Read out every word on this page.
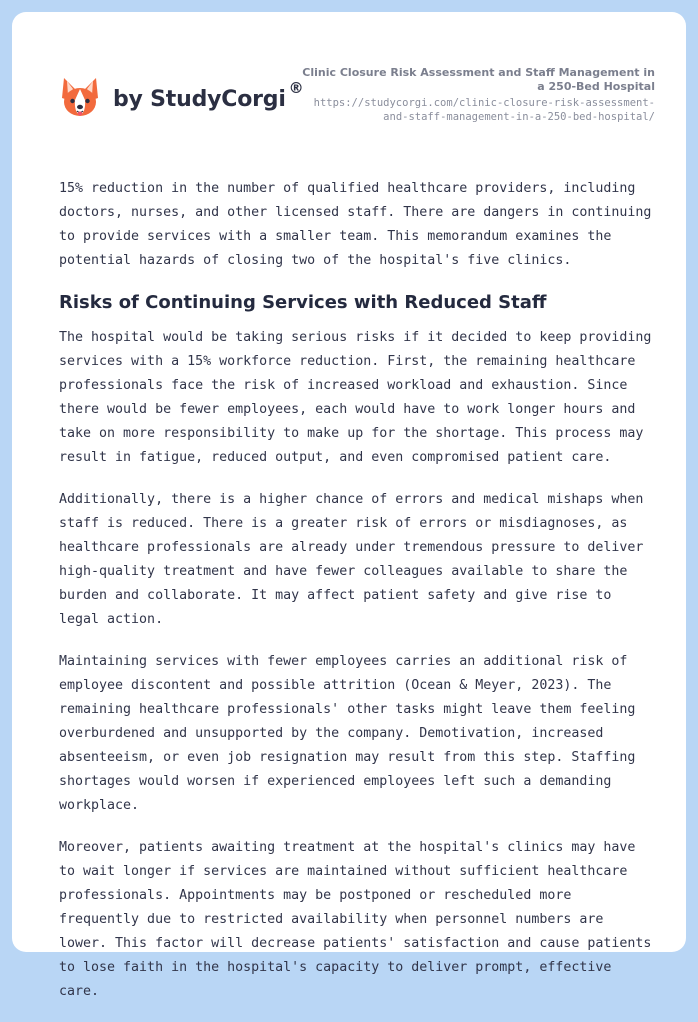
by StudyCorgi ®
Clinic Closure Risk Assessment and Staff Management in a 250-Bed Hospital
https://studycorgi.com/clinic-closure-risk-assessment-and-staff-management-in-a-250-bed-hospital/

15% reduction in the number of qualified healthcare providers, including doctors, nurses, and other licensed staff. There are dangers in continuing to provide services with a smaller team. This memorandum examines the potential hazards of closing two of the hospital's five clinics.

Risks of Continuing Services with Reduced Staff

The hospital would be taking serious risks if it decided to keep providing services with a 15% workforce reduction. First, the remaining healthcare professionals face the risk of increased workload and exhaustion. Since there would be fewer employees, each would have to work longer hours and take on more responsibility to make up for the shortage. This process may result in fatigue, reduced output, and even compromised patient care.

Additionally, there is a higher chance of errors and medical mishaps when staff is reduced. There is a greater risk of errors or misdiagnoses, as healthcare professionals are already under tremendous pressure to deliver high-quality treatment and have fewer colleagues available to share the burden and collaborate. It may affect patient safety and give rise to legal action.

Maintaining services with fewer employees carries an additional risk of employee discontent and possible attrition (Ocean & Meyer, 2023). The remaining healthcare professionals' other tasks might leave them feeling overburdened and unsupported by the company. Demotivation, increased absenteeism, or even job resignation may result from this step. Staffing shortages would worsen if experienced employees left such a demanding workplace.

Moreover, patients awaiting treatment at the hospital's clinics may have to wait longer if services are maintained without sufficient healthcare professionals. Appointments may be postponed or rescheduled more frequently due to restricted availability when personnel numbers are lower. This factor will decrease patients' satisfaction and cause patients to lose faith in the hospital's capacity to deliver prompt, effective care.
